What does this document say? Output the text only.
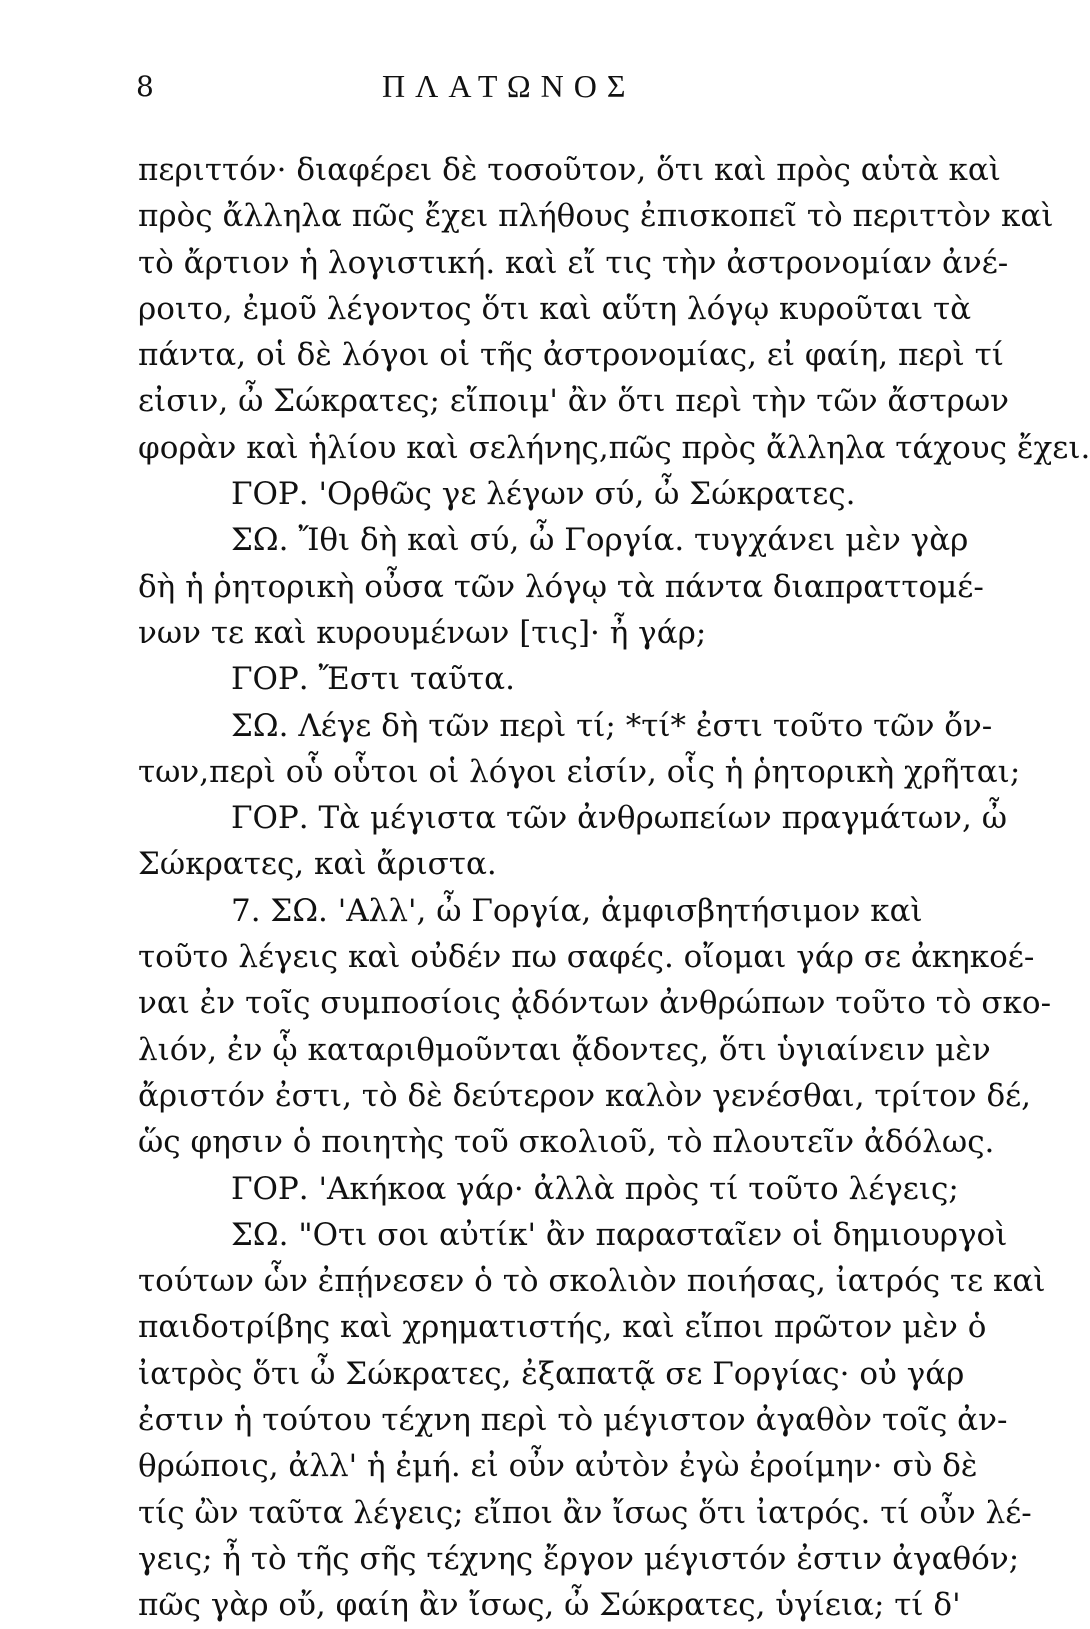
8	ΠΛΑΤΩΝΟΣ
περιττόν· διαφέρει δὲ τοσοῦτον, ὅτι καὶ πρὸς αὑτὰ καὶ
πρὸς ἄλληλα πῶς ἔχει πλήθους ἐπισκοπεῖ τὸ περιττὸν καὶ
τὸ ἄρτιον ἡ λογιστική. καὶ εἴ τις τὴν ἀστρονομίαν ἀνέ-
ροιτο, ἐμοῦ λέγοντος ὅτι καὶ αὕτη λόγῳ κυροῦται τὰ
πάντα, οἱ δὲ λόγοι οἱ τῆς ἀστρονομίας, εἰ φαίη, περὶ τί
εἰσιν, ὦ Σώκρατες; εἴποιμ' ἂν ὅτι περὶ τὴν τῶν ἄστρων
φορὰν καὶ ἡλίου καὶ σελήνης,πῶς πρὸς ἄλληλα τάχους ἔχει.
ΓΟΡ. 'Ορθῶς γε λέγων σύ, ὦ Σώκρατες.
ΣΩ. Ἴθι δὴ καὶ σύ, ὦ Γοργία. τυγχάνει μὲν γὰρ
δὴ ἡ ῥητορικὴ οὖσα τῶν λόγῳ τὰ πάντα διαπραττομέ-
νων τε καὶ κυρουμένων [τις]· ἦ γάρ;
ΓΟΡ. Ἔστι ταῦτα.
ΣΩ. Λέγε δὴ τῶν περὶ τί; *τί* ἐστι τοῦτο τῶν ὄν-
των,περὶ οὗ οὗτοι οἱ λόγοι εἰσίν, οἷς ἡ ῥητορικὴ χρῆται;
ΓΟΡ. Τὰ μέγιστα τῶν ἀνθρωπείων πραγμάτων, ὦ
Σώκρατες, καὶ ἄριστα.
7. ΣΩ. 'Αλλ', ὦ Γοργία, ἀμφισβητήσιμον καὶ
τοῦτο λέγεις καὶ οὐδέν πω σαφές. οἴομαι γάρ σε ἀκηκοέ-
ναι ἐν τοῖς συμποσίοις ᾀδόντων ἀνθρώπων τοῦτο τὸ σκο-
λιόν, ἐν ᾧ καταριθμοῦνται ᾄδοντες, ὅτι ὑγιαίνειν μὲν
ἄριστόν ἐστι, τὸ δὲ δεύτερον καλὸν γενέσθαι, τρίτον δέ,
ὥς φησιν ὁ ποιητὴς τοῦ σκολιοῦ, τὸ πλουτεῖν ἀδόλως.
ΓΟΡ. 'Ακήκοα γάρ· ἀλλὰ πρὸς τί τοῦτο λέγεις;
ΣΩ. "Οτι σοι αὐτίκ' ἂν παρασταῖεν οἱ δημιουργοὶ
τούτων ὧν ἐπῄνεσεν ὁ τὸ σκολιὸν ποιήσας, ἰατρός τε καὶ
παιδοτρίβης καὶ χρηματιστής, καὶ εἴποι πρῶτον μὲν ὁ
ἰατρὸς ὅτι ὦ Σώκρατες, ἐξαπατᾷ σε Γοργίας· οὐ γάρ
ἐστιν ἡ τούτου τέχνη περὶ τὸ μέγιστον ἀγαθὸν τοῖς ἀν-
θρώποις, ἀλλ' ἡ ἐμή. εἰ οὖν αὐτὸν ἐγὼ ἐροίμην· σὺ δὲ
τίς ὢν ταῦτα λέγεις; εἴποι ἂν ἴσως ὅτι ἰατρός. τί οὖν λέ-
γεις; ἦ τὸ τῆς σῆς τέχνης ἔργον μέγιστόν ἐστιν ἀγαθόν;
πῶς γὰρ οὔ, φαίη ἂν ἴσως, ὦ Σώκρατες, ὑγίεια; τί δ'
